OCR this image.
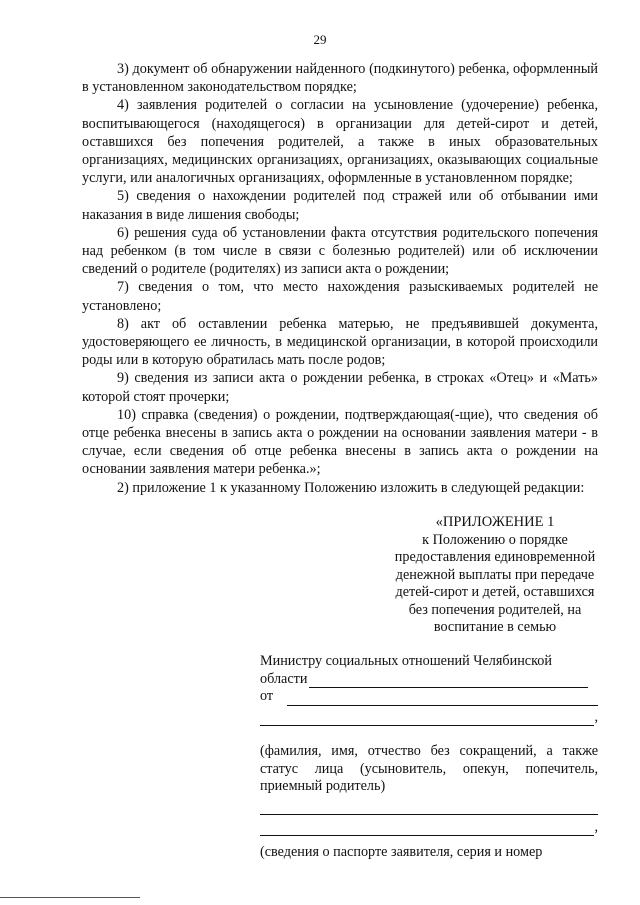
29

3) документ об обнаружении найденного (подкинутого) ребенка, оформленный в установленном законодательством порядке;

4) заявления родителей о согласии на усыновление (удочерение) ребенка, воспитывающегося (находящегося) в организации для детей-сирот и детей, оставшихся без попечения родителей, а также в иных образовательных организациях, медицинских организациях, организациях, оказывающих социальные услуги, или аналогичных организациях, оформленные в установленном порядке;

5) сведения о нахождении родителей под стражей или об отбывании ими наказания в виде лишения свободы;

6) решения суда об установлении факта отсутствия родительского попечения над ребенком (в том числе в связи с болезнью родителей) или об исключении сведений о родителе (родителях) из записи акта о рождении;

7) сведения о том, что место нахождения разыскиваемых родителей не установлено;

8) акт об оставлении ребенка матерью, не предъявившей документа, удостоверяющего ее личность, в медицинской организации, в которой происходили роды или в которую обратилась мать после родов;

9) сведения из записи акта о рождении ребенка, в строках «Отец» и «Мать» которой стоят прочерки;

10) справка (сведения) о рождении, подтверждающая(-щие), что сведения об отце ребенка внесены в запись акта о рождении на основании заявления матери - в случае, если сведения об отце ребенка внесены в запись акта о рождении на основании заявления матери ребенка.»;

2) приложение 1 к указанному Положению изложить в следующей редакции:

«ПРИЛОЖЕНИЕ 1
к Положению о порядке предоставления единовременной денежной выплаты при передаче детей-сирот и детей, оставшихся без попечения родителей, на воспитание в семью
Министру социальных отношений Челябинской
области
от
,
(фамилия, имя, отчество без сокращений, а также статус лица (усыновитель, опекун, попечитель, приемный родитель)
,
(сведения о паспорте заявителя, серия и номер
